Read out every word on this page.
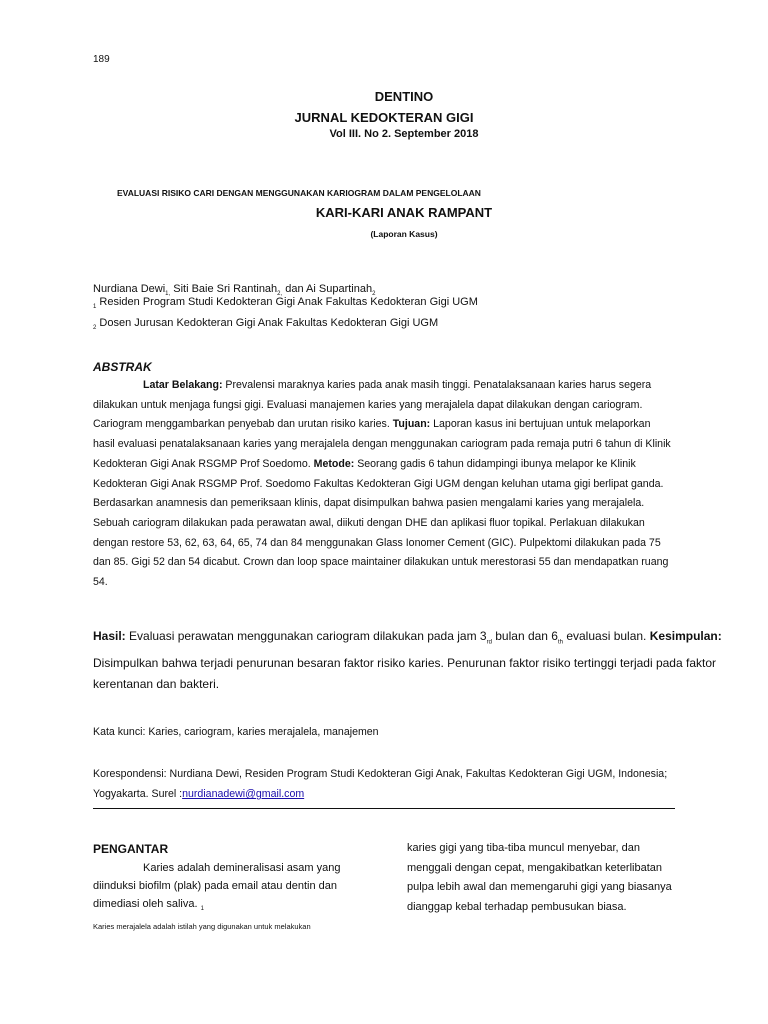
189
DENTINO
JURNAL KEDOKTERAN GIGI
Vol III. No 2. September 2018
EVALUASI RISIKO CARI DENGAN MENGGUNAKAN KARIOGRAM DALAM PENGELOLAAN
KARI-KARI ANAK RAMPANT
(Laporan Kasus)
Nurdiana Dewi$_{1,}$ Siti Baie Sri Rantinah$_{2,}$ dan Ai Supartinah$_2$
$_1$ Residen Program Studi Kedokteran Gigi Anak Fakultas Kedokteran Gigi UGM
$_2$ Dosen Jurusan Kedokteran Gigi Anak Fakultas Kedokteran Gigi UGM
ABSTRAK

Latar Belakang: Prevalensi maraknya karies pada anak masih tinggi. Penatalaksanaan karies harus segera dilakukan untuk menjaga fungsi gigi. Evaluasi manajemen karies yang merajalela dapat dilakukan dengan cariogram. Cariogram menggambarkan penyebab dan urutan risiko karies. Tujuan: Laporan kasus ini bertujuan untuk melaporkan hasil evaluasi penatalaksanaan karies yang merajalela dengan menggunakan cariogram pada remaja putri 6 tahun di Klinik Kedokteran Gigi Anak RSGMP Prof Soedomo. Metode: Seorang gadis 6 tahun didampingi ibunya melapor ke Klinik Kedokteran Gigi Anak RSGMP Prof. Soedomo Fakultas Kedokteran Gigi UGM dengan keluhan utama gigi berlipat ganda. Berdasarkan anamnesis dan pemeriksaan klinis, dapat disimpulkan bahwa pasien mengalami karies yang merajalela. Sebuah cariogram dilakukan pada perawatan awal, diikuti dengan DHE dan aplikasi fluor topikal. Perlakuan dilakukan dengan restore 53, 62, 63, 64, 65, 74 dan 84 menggunakan Glass Ionomer Cement (GIC). Pulpektomi dilakukan pada 75 dan 85. Gigi 52 dan 54 dicabut. Crown dan loop space maintainer dilakukan untuk merestorasi 55 dan mendapatkan ruang 54.

Hasil: Evaluasi perawatan menggunakan cariogram dilakukan pada jam $3_{rd}$ bulan dan $6_{th}$ evaluasi bulan. Kesimpulan: Disimpulkan bahwa terjadi penurunan besaran faktor risiko karies. Penurunan faktor risiko tertinggi terjadi pada faktor kerentanan dan bakteri.
Kata kunci: Karies, cariogram, karies merajalela, manajemen
Korespondensi: Nurdiana Dewi, Residen Program Studi Kedokteran Gigi Anak, Fakultas Kedokteran Gigi UGM, Indonesia; Yogyakarta. Surel :nurdianadewi@gmail.com
PENGANTAR

Karies adalah demineralisasi asam yang diinduksi biofilm (plak) pada email atau dentin dan dimediasi oleh saliva. $_1$

Karies merajalela adalah istilah yang digunakan untuk melakukan

karies gigi yang tiba-tiba muncul menyebar, dan menggali dengan cepat, mengakibatkan keterlibatan pulpa lebih awal dan memengaruhi gigi yang biasanya dianggap kebal terhadap pembusukan biasa.
